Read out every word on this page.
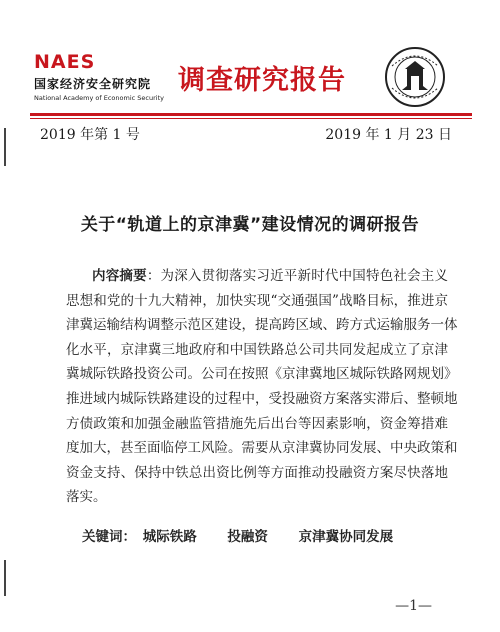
NAES
国家经济安全研究院
National Academy of Economic Security
调查研究报告
2019 年第 1 号	2019 年 1 月 23 日
关于“轨道上的京津冀”建设情况的调研报告
内容摘要：为深入贯彻落实习近平新时代中国特色社会主义
思想和党的十九大精神，加快实现“交通强国”战略目标，推进京
津冀运输结构调整示范区建设，提高跨区域、跨方式运输服务一体
化水平，京津冀三地政府和中国铁路总公司共同发起成立了京津
冀城际铁路投资公司。公司在按照《京津冀地区城际铁路网规划》
推进域内城际铁路建设的过程中，受投融资方案落实滞后、整顿地
方债政策和加强金融监管措施先后出台等因素影响，资金筹措难
度加大，甚至面临停工风险。需要从京津冀协同发展、中央政策和
资金支持、保持中铁总出资比例等方面推动投融资方案尽快落地
落实。
关键词： 城际铁路 投融资 京津冀协同发展
—1—
